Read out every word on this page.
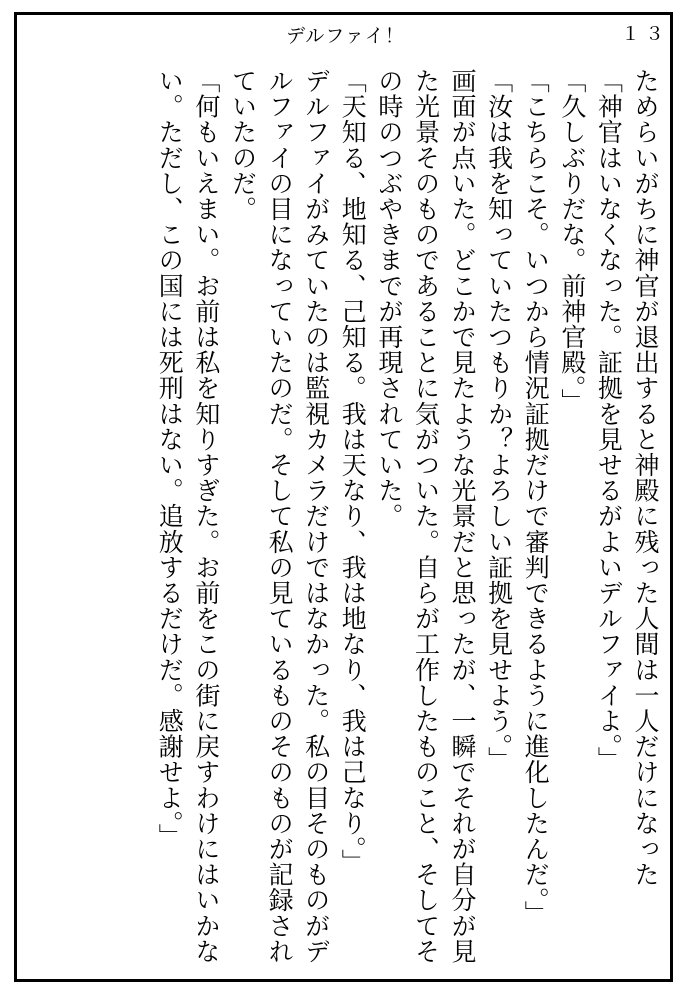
デルファイ！	１３

ためらいがちに神官が退出すると神殿に残った人間は一人だけになった

「神官はいなくなった。証拠を見せるがよいデルファイよ。」

「久しぶりだな。前神官殿。」

「こちらこそ。いつから情況証拠だけで審判できるように進化したんだ。」

「汝は我を知っていたつもりか？よろしい証拠を見せよう。」

画面が点いた。どこかで見たような光景だと思ったが、一瞬でそれが自分が見た光景そのものであることに気がついた。自らが工作したものこと、そしてその時のつぶやきまでが再現されていた。

「天知る、地知る、己知る。我は天なり、我は地なり、我は己なり。」

デルファイがみていたのは監視カメラだけではなかった。私の目そのものがデルファイの目になっていたのだ。そして私の見ているものそのものが記録されていたのだ。

「何もいえまい。お前は私を知りすぎた。お前をこの街に戻すわけにはいかない。ただし、この国には死刑はない。追放するだけだ。感謝せよ。」
